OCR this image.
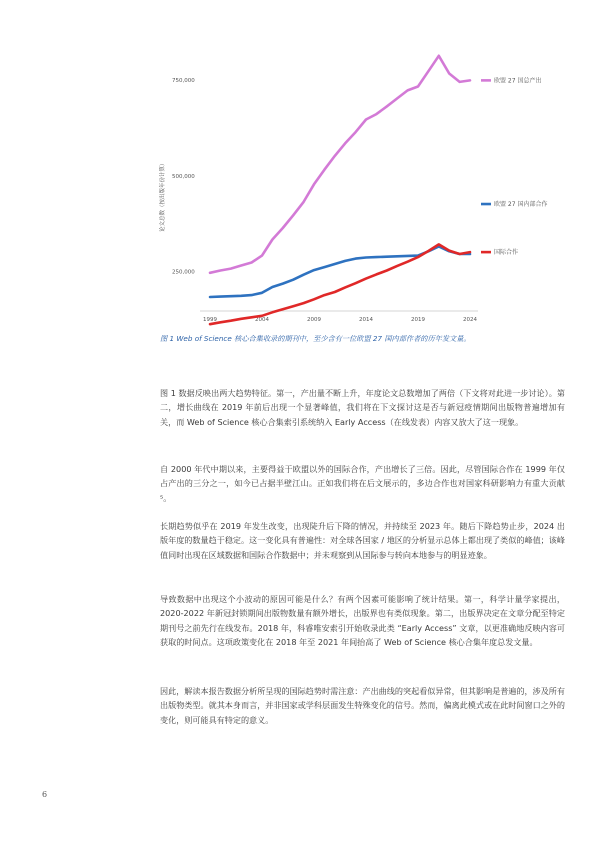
论文总数（按出版年份计算）
250,000
500,000
750,000
1999	2004	2009	2014	2019	2024
欧盟 27 国总产出
欧盟 27 国内部合作
国际合作
图 1 Web of Science 核心合集收录的期刊中，至少含有一位欧盟 27 国内部作者的历年发文量。

图 1 数据反映出两大趋势特征。第一，产出量不断上升，年度论文总数增加了两倍（下文将对此进一步讨论）。第二，增长曲线在 2019 年前后出现一个显著峰值，我们将在下文探讨这是否与新冠疫情期间出版物普遍增加有关，而 Web of Science 核心合集索引系统纳入 Early Access（在线发表）内容又放大了这一现象。

自 2000 年代中期以来，主要得益于欧盟以外的国际合作，产出增长了三倍。因此，尽管国际合作在 1999 年仅占产出的三分之一，如今已占据半壁江山。正如我们将在后文展示的，多边合作也对国家科研影响力有重大贡献 ⁵。

长期趋势似乎在 2019 年发生改变，出现陡升后下降的情况，并持续至 2023 年。随后下降趋势止步，2024 出版年度的数量趋于稳定。这一变化具有普遍性：对全球各国家 / 地区的分析显示总体上都出现了类似的峰值；该峰值同时出现在区域数据和国际合作数据中；并未观察到从国际参与转向本地参与的明显迹象。

导致数据中出现这个小波动的原因可能是什么？有两个因素可能影响了统计结果。第一，科学计量学家提出，2020-2022 年新冠封锁期间出版物数量有额外增长，出版界也有类似现象。第二，出版界决定在文章分配至特定期刊号之前先行在线发布。2018 年，科睿唯安索引开始收录此类 “Early Access” 文章，以更准确地反映内容可获取的时间点。这项政策变化在 2018 年至 2021 年间抬高了 Web of Science 核心合集年度总发文量。

因此，解读本报告数据分析所呈现的国际趋势时需注意：产出曲线的突起看似异常，但其影响是普遍的，涉及所有出版物类型。就其本身而言，并非国家或学科层面发生特殊变化的信号。然而，偏离此模式或在此时间窗口之外的变化，则可能具有特定的意义。

6
